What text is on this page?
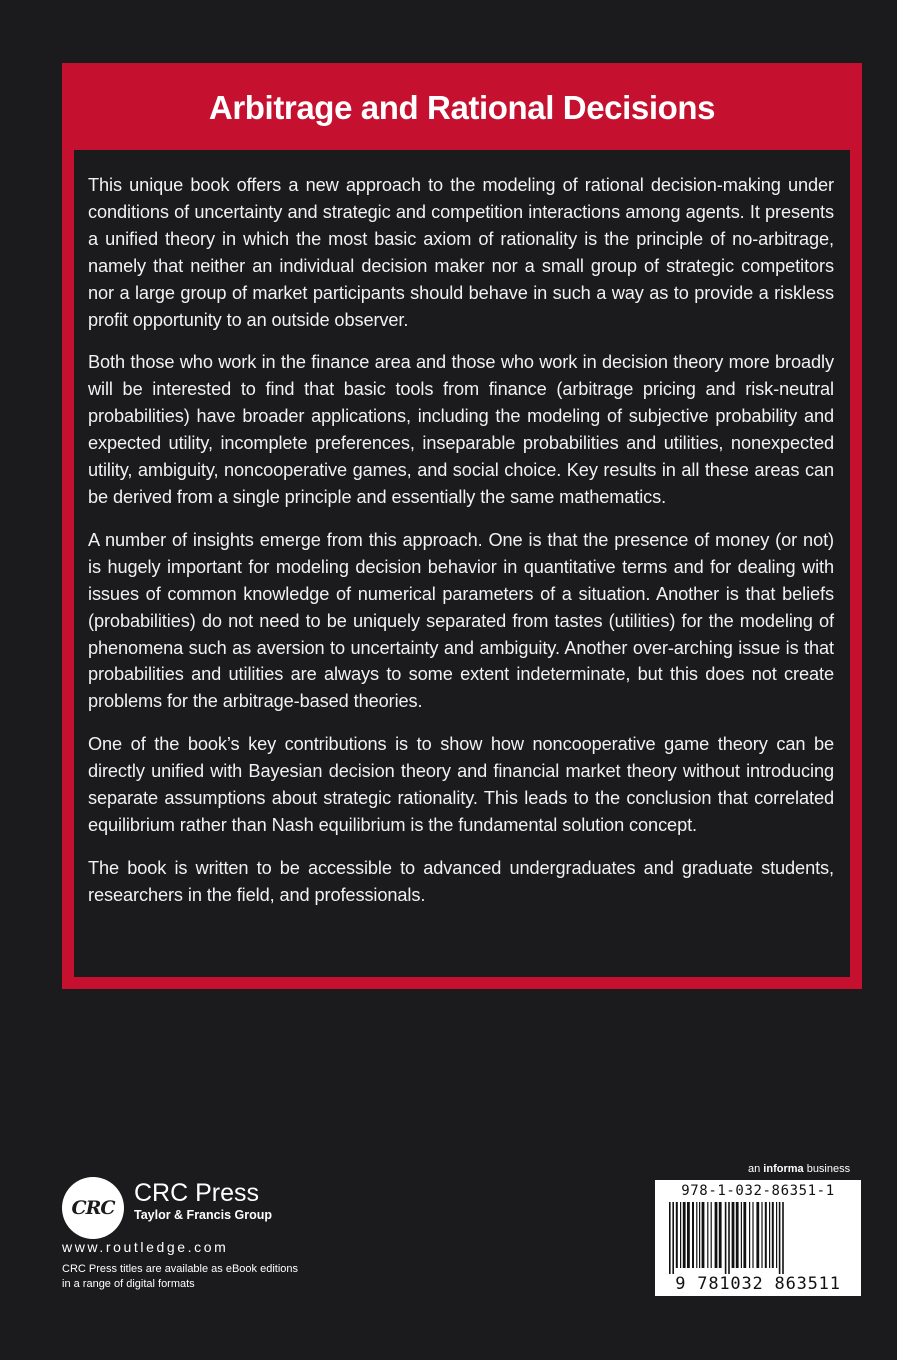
Arbitrage and Rational Decisions

This unique book offers a new approach to the modeling of rational decision-making under conditions of uncertainty and strategic and competition interactions among agents. It presents a unified theory in which the most basic axiom of rationality is the principle of no-arbitrage, namely that neither an individual decision maker nor a small group of strategic competitors nor a large group of market participants should behave in such a way as to provide a riskless profit opportunity to an outside observer.

Both those who work in the finance area and those who work in decision theory more broadly will be interested to find that basic tools from finance (arbitrage pricing and risk-neutral probabilities) have broader applications, including the modeling of subjective probability and expected utility, incomplete preferences, inseparable probabilities and utilities, nonexpected utility, ambiguity, noncooperative games, and social choice. Key results in all these areas can be derived from a single principle and essentially the same mathematics.

A number of insights emerge from this approach. One is that the presence of money (or not) is hugely important for modeling decision behavior in quantitative terms and for dealing with issues of common knowledge of numerical parameters of a situation. Another is that beliefs (probabilities) do not need to be uniquely separated from tastes (utilities) for the modeling of phenomena such as aversion to uncertainty and ambiguity. Another over-arching issue is that probabilities and utilities are always to some extent indeterminate, but this does not create problems for the arbitrage-based theories.

One of the book’s key contributions is to show how noncooperative game theory can be directly unified with Bayesian decision theory and financial market theory without introducing separate assumptions about strategic rationality. This leads to the conclusion that correlated equilibrium rather than Nash equilibrium is the fundamental solution concept.

The book is written to be accessible to advanced undergraduates and graduate students, researchers in the field, and professionals.

CRC
CRC Press
Taylor & Francis Group
www.routledge.com
CRC Press titles are available as eBook editions
in a range of digital formats
an informa business
978-1-032-86351-1
9 781032 863511
